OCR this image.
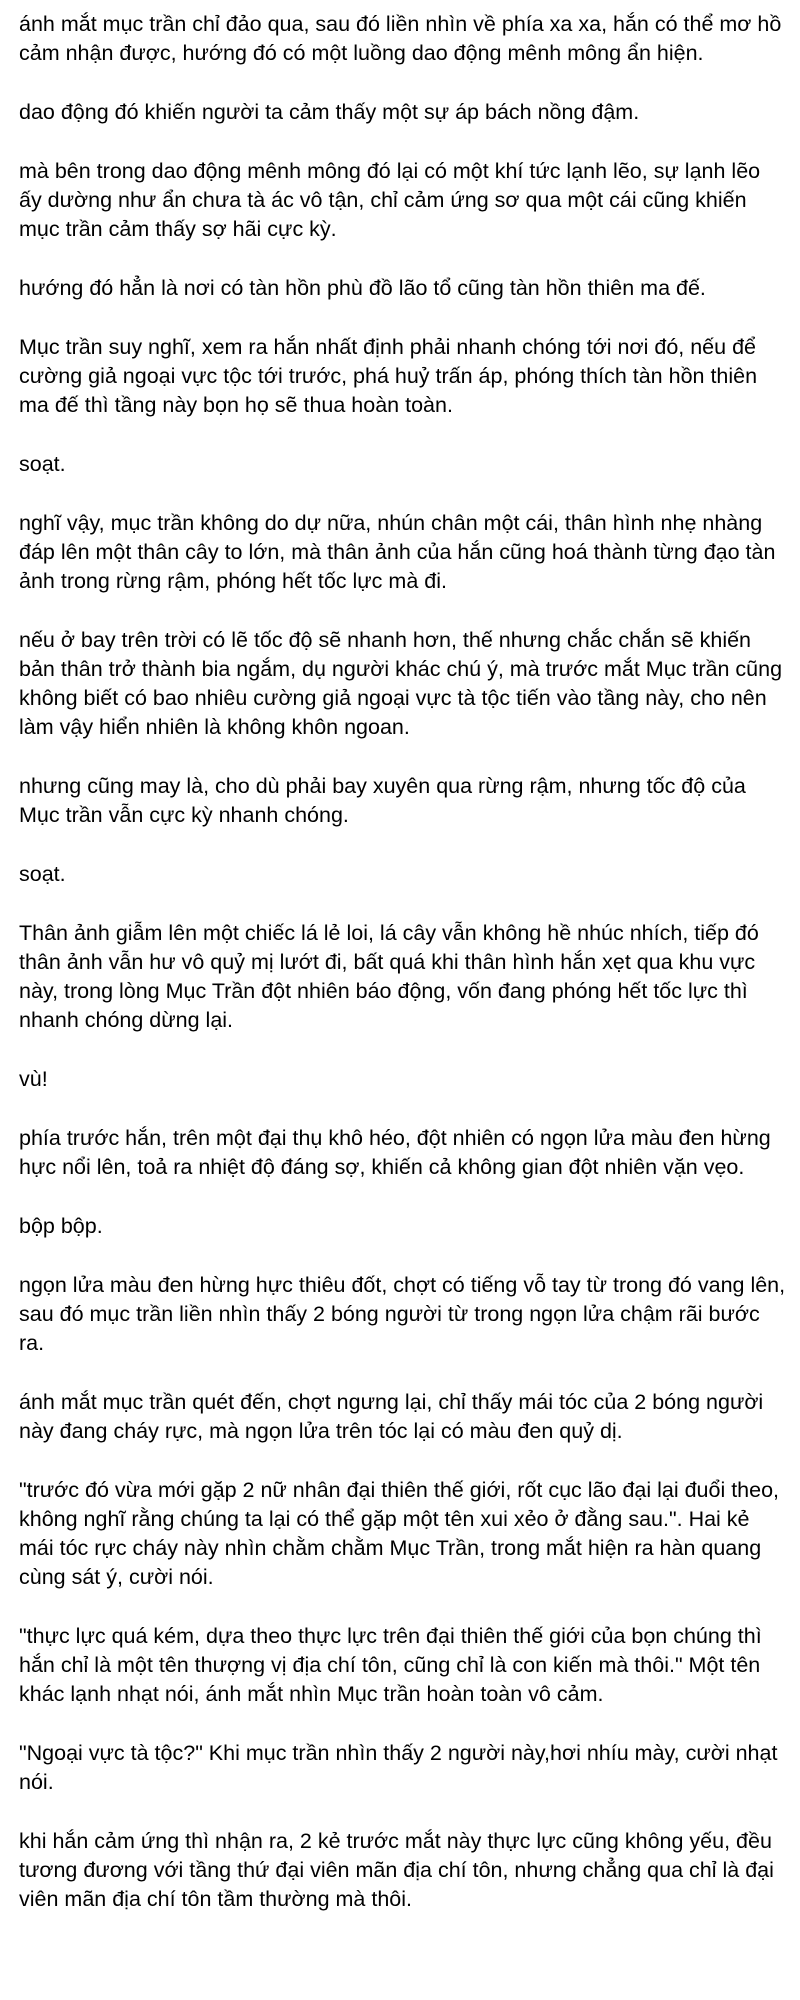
ánh mắt mục trần chỉ đảo qua, sau đó liền nhìn về phía xa xa, hắn có thể mơ hồ cảm nhận được, hướng đó có một luồng dao động mênh mông ẩn hiện.

dao động đó khiến người ta cảm thấy một sự áp bách nồng đậm.

mà bên trong dao động mênh mông đó lại có một khí tức lạnh lẽo, sự lạnh lẽo ấy dường như ẩn chưa tà ác vô tận, chỉ cảm ứng sơ qua một cái cũng khiến mục trần cảm thấy sợ hãi cực kỳ.

hướng đó hẳn là nơi có tàn hồn phù đồ lão tổ cũng tàn hồn thiên ma đế.

Mục trần suy nghĩ, xem ra hắn nhất định phải nhanh chóng tới nơi đó, nếu để cường giả ngoại vực tộc tới trước, phá huỷ trấn áp, phóng thích tàn hồn thiên ma đế thì tầng này bọn họ sẽ thua hoàn toàn.

soạt.

nghĩ vậy, mục trần không do dự nữa, nhún chân một cái, thân hình nhẹ nhàng đáp lên một thân cây to lớn, mà thân ảnh của hắn cũng hoá thành từng đạo tàn ảnh trong rừng rậm, phóng hết tốc lực mà đi.

nếu ở bay trên trời có lẽ tốc độ sẽ nhanh hơn, thế nhưng chắc chắn sẽ khiến bản thân trở thành bia ngắm, dụ người khác chú ý, mà trước mắt Mục trần cũng không biết có bao nhiêu cường giả ngoại vực tà tộc tiến vào tầng này, cho nên làm vậy hiển nhiên là không khôn ngoan.

nhưng cũng may là, cho dù phải bay xuyên qua rừng rậm, nhưng tốc độ của Mục trần vẫn cực kỳ nhanh chóng.

soạt.

Thân ảnh giẫm lên một chiếc lá lẻ loi, lá cây vẫn không hề nhúc nhích, tiếp đó thân ảnh vẫn hư vô quỷ mị lướt đi, bất quá khi thân hình hắn xẹt qua khu vực này, trong lòng Mục Trần đột nhiên báo động, vốn đang phóng hết tốc lực thì nhanh chóng dừng lại.

vù!

phía trước hắn, trên một đại thụ khô héo, đột nhiên có ngọn lửa màu đen hừng hực nổi lên, toả ra nhiệt độ đáng sợ, khiến cả không gian đột nhiên vặn vẹo.

bộp bộp.

ngọn lửa màu đen hừng hực thiêu đốt, chợt có tiếng vỗ tay từ trong đó vang lên, sau đó mục trần liền nhìn thấy 2 bóng người từ trong ngọn lửa chậm rãi bước ra.

ánh mắt mục trần quét đến, chợt ngưng lại, chỉ thấy mái tóc của 2 bóng người này đang cháy rực, mà ngọn lửa trên tóc lại có màu đen quỷ dị.

"trước đó vừa mới gặp 2 nữ nhân đại thiên thế giới, rốt cục lão đại lại đuổi theo, không nghĩ rằng chúng ta lại có thể gặp một tên xui xẻo ở đằng sau.". Hai kẻ mái tóc rực cháy này nhìn chằm chằm Mục Trần, trong mắt hiện ra hàn quang cùng sát ý, cười nói.

"thực lực quá kém, dựa theo thực lực trên đại thiên thế giới của bọn chúng thì hắn chỉ là một tên thượng vị địa chí tôn, cũng chỉ là con kiến mà thôi." Một tên khác lạnh nhạt nói, ánh mắt nhìn Mục trần hoàn toàn vô cảm.

"Ngoại vực tà tộc?" Khi mục trần nhìn thấy 2 người này,hơi nhíu mày, cười nhạt nói.

khi hắn cảm ứng thì nhận ra, 2 kẻ trước mắt này thực lực cũng không yếu, đều tương đương với tầng thứ đại viên mãn địa chí tôn, nhưng chẳng qua chỉ là đại viên mãn địa chí tôn tầm thường mà thôi.
